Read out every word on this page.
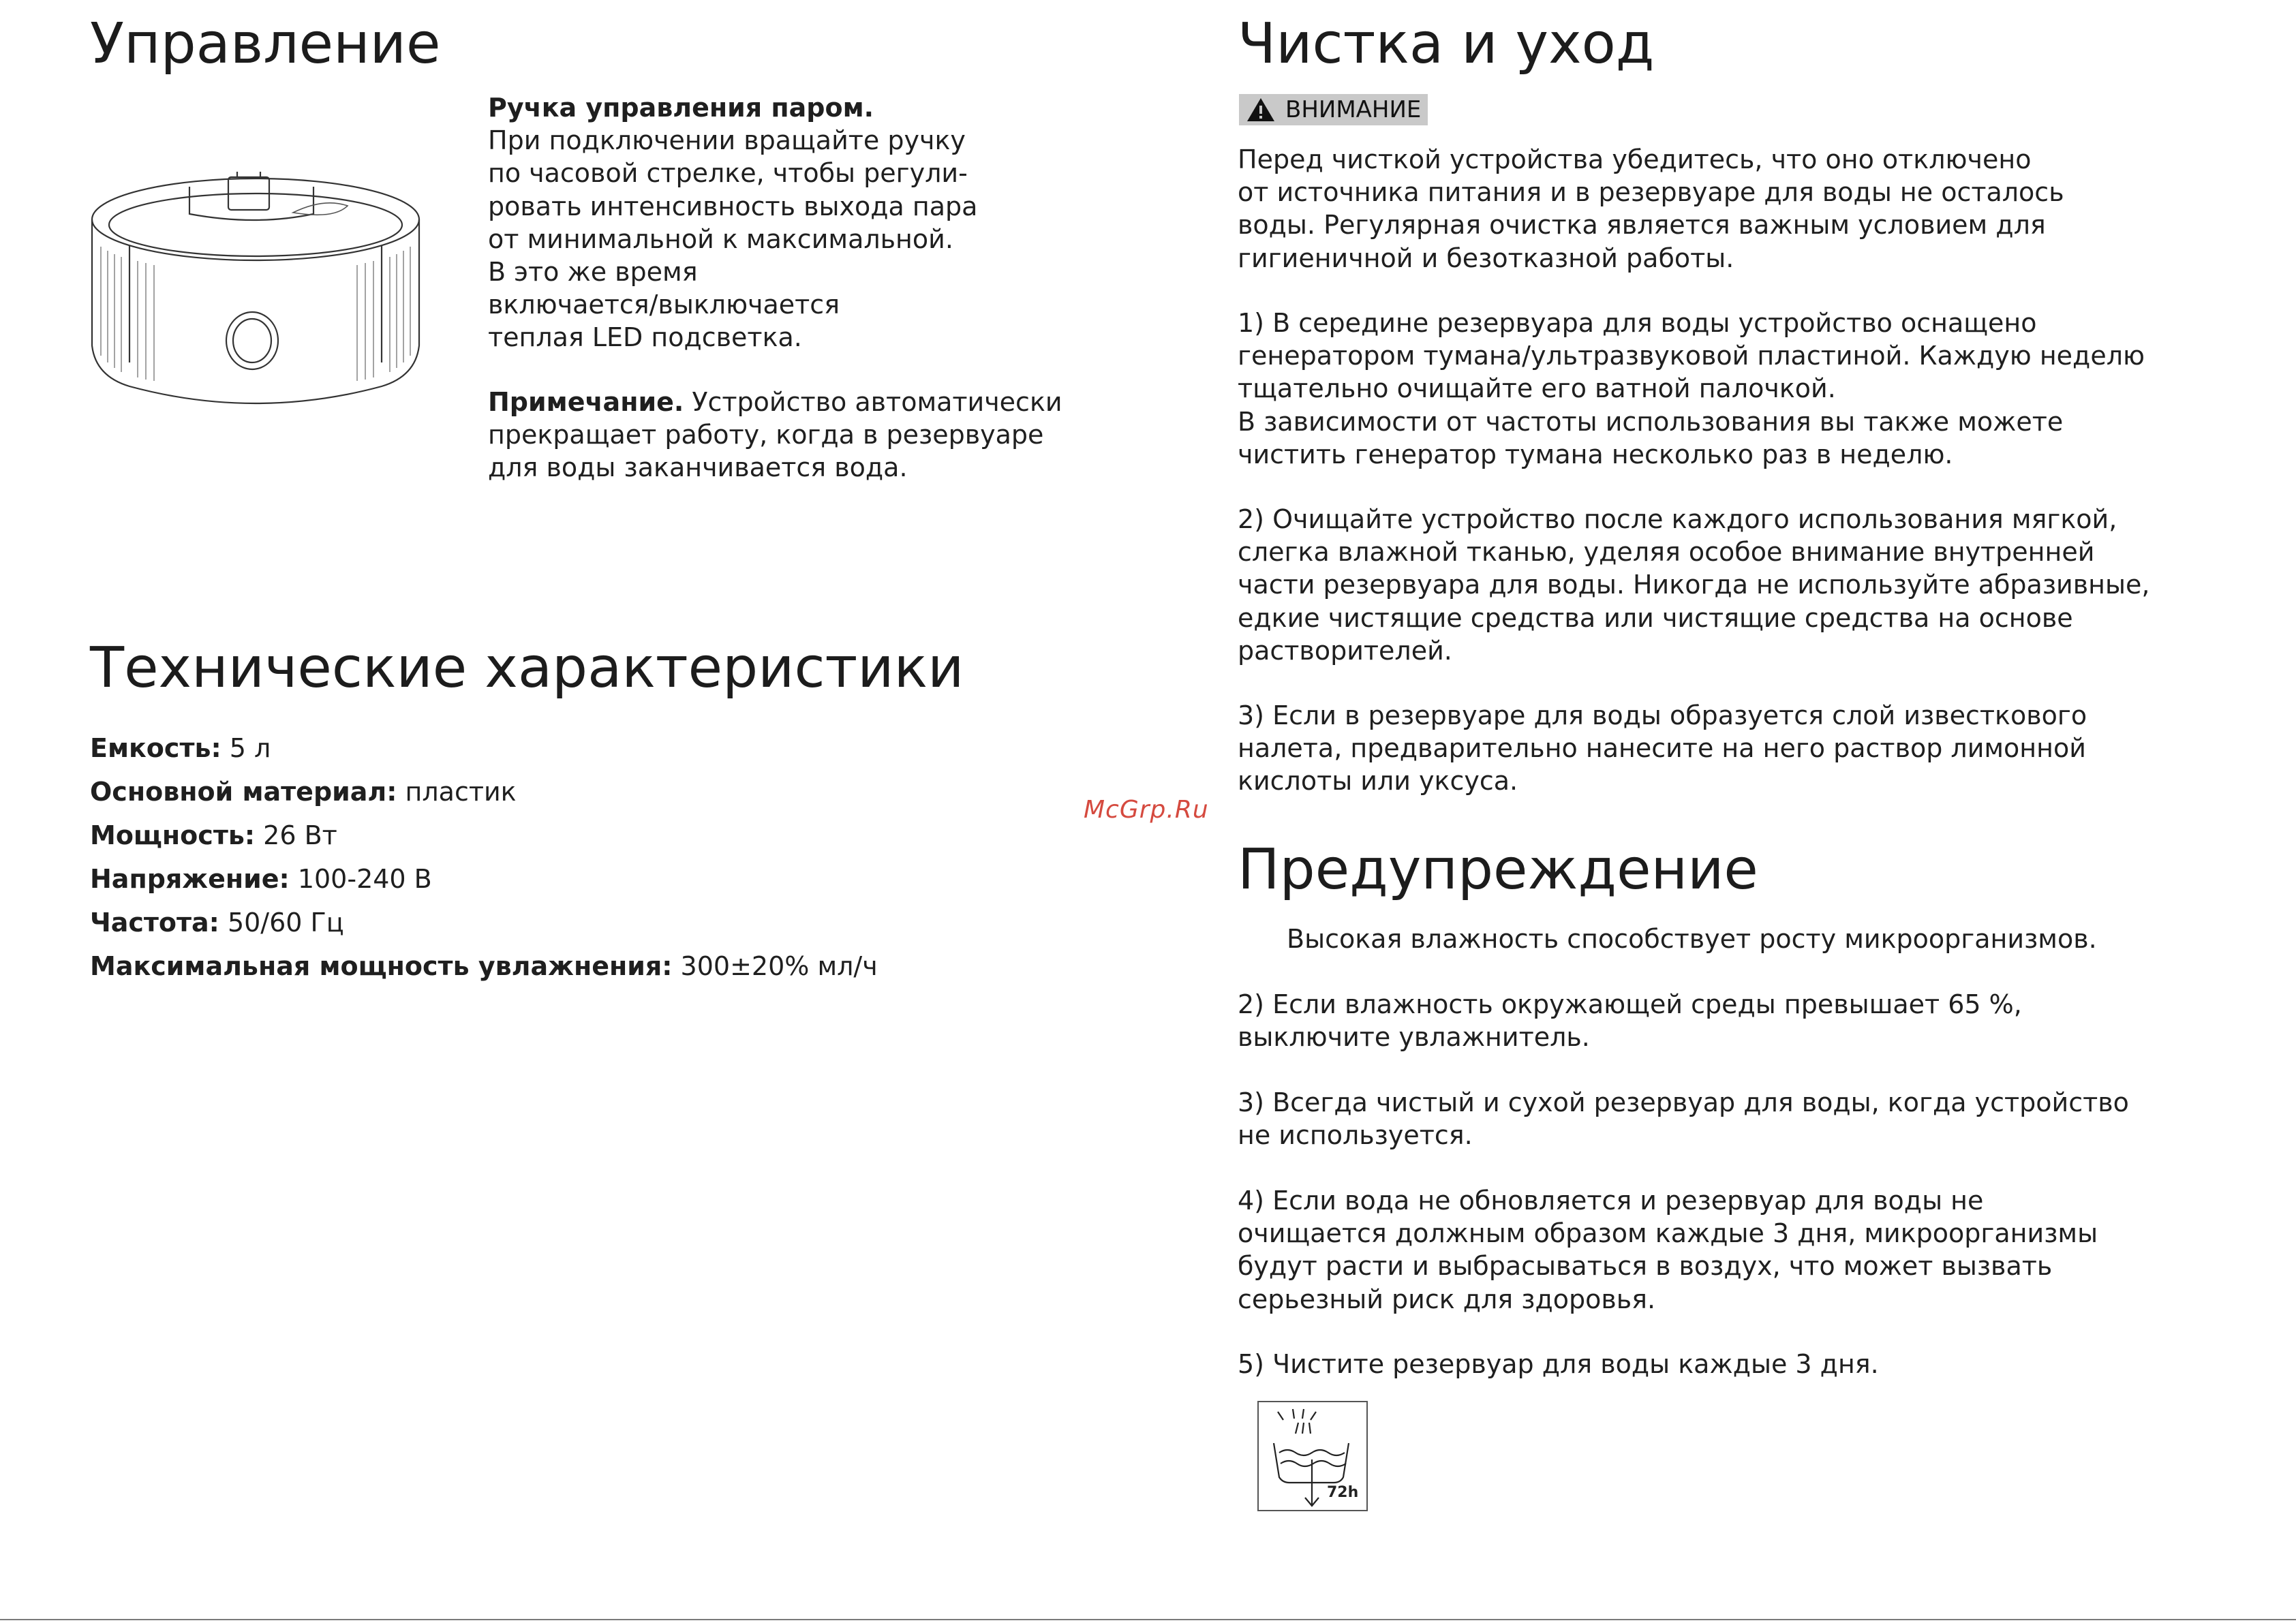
Управление
Ручка управления паром.
При подключении вращайте ручку
по часовой стрелке, чтобы регули-
ровать интенсивность выхода пара
от минимальной к максимальной.
В это же время
включается/выключается
теплая LED подсветка.
Примечание. Устройство автоматически
прекращает работу, когда в резервуаре
для воды заканчивается вода.
Технические характеристики
Емкость: 5 л
Основной материал: пластик
Мощность: 26 Вт
Напряжение: 100-240 В
Частота: 50/60 Гц
Максимальная мощность увлажнения: 300±20% мл/ч
McGrp.Ru
Чистка и уход
ВНИМАНИЕ
Перед чисткой устройства убедитесь, что оно отключено
от источника питания и в резервуаре для воды не осталось
воды. Регулярная очистка является важным условием для
гигиеничной и безотказной работы.
1) В середине резервуара для воды устройство оснащено
генератором тумана/ультразвуковой пластиной. Каждую неделю
тщательно очищайте его ватной палочкой.
В зависимости от частоты использования вы также можете
чистить генератор тумана несколько раз в неделю.
2) Очищайте устройство после каждого использования мягкой,
слегка влажной тканью, уделяя особое внимание внутренней
части резервуара для воды. Никогда не используйте абразивные,
едкие чистящие средства или чистящие средства на основе
растворителей.
3) Если в резервуаре для воды образуется слой известкового
налета, предварительно нанесите на него раствор лимонной
кислоты или уксуса.
Предупреждение
Высокая влажность способствует росту микроорганизмов.
2) Если влажность окружающей среды превышает 65 %,
выключите увлажнитель.
3) Всегда чистый и сухой резервуар для воды, когда устройство
не используется.
4) Если вода не обновляется и резервуар для воды не
очищается должным образом каждые 3 дня, микроорганизмы
будут расти и выбрасываться в воздух, что может вызвать
серьезный риск для здоровья.
5) Чистите резервуар для воды каждые 3 дня.
72h
